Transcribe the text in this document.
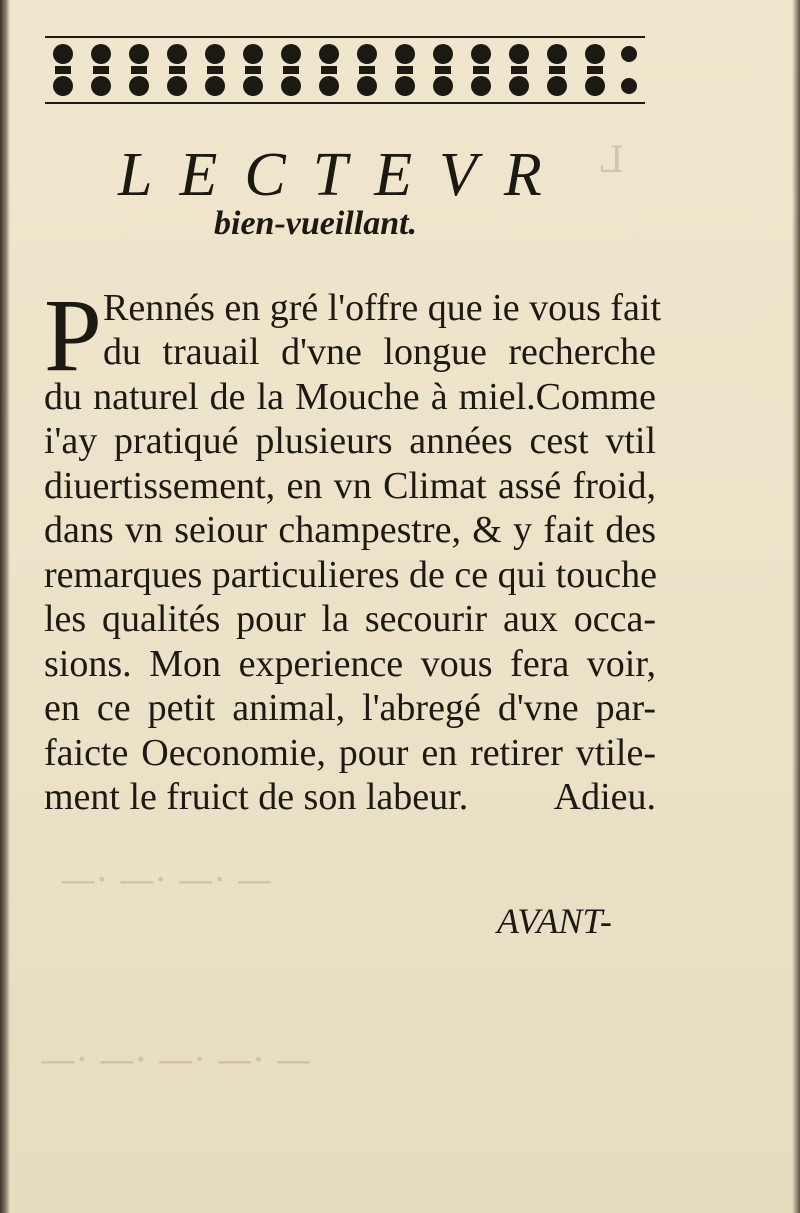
L
— ·— ·— ·—
— ·— ·— ·— ·—
LECTEVR
bien-vueillant.
P Rennés en gré l'offre que ie vous fait
du trauail d'vne longue recherche
du naturel de la Mouche à miel.Comme
i'ay pratiqué plusieurs années cest vtil
diuertissement, en vn Climat assé froid,
dans vn seiour champestre, & y fait des
remarques particulieres de ce qui touche
les qualités pour la secourir aux occa-
sions. Mon experience vous fera voir,
en ce petit animal, l'abregé d'vne par-
faicte Oeconomie, pour en retirer vtile-
ment le fruict de son labeur. Adieu.
AVANT-
